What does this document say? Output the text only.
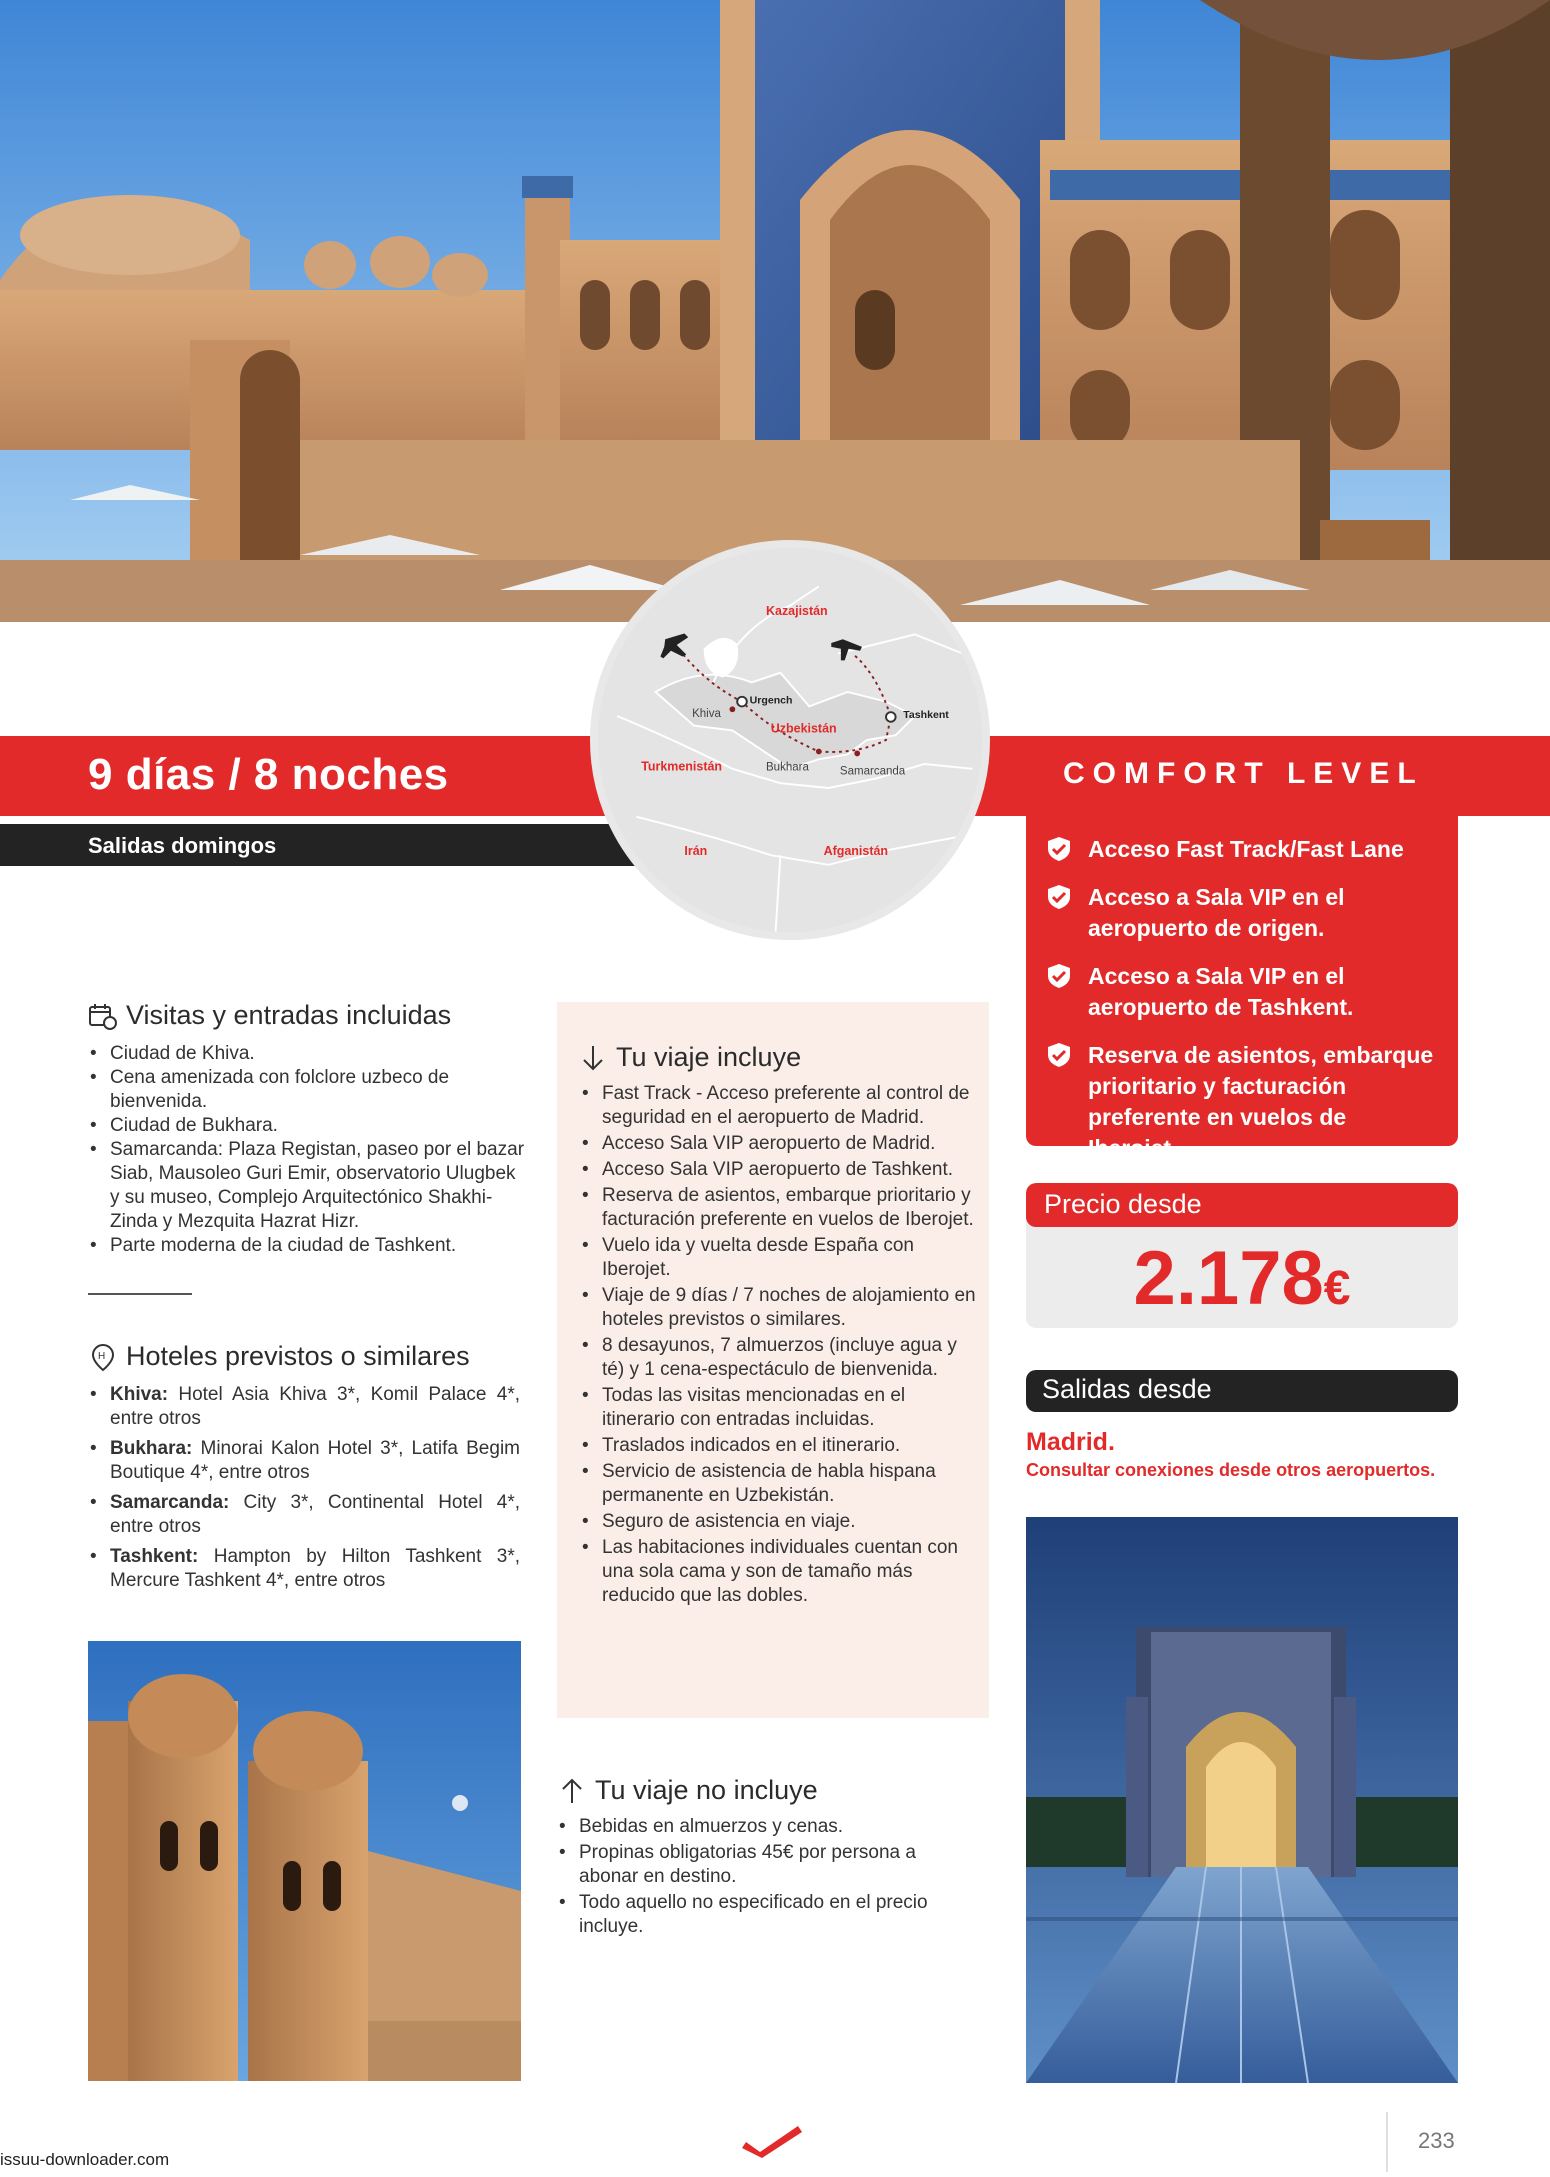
9 días / 8 noches
Salidas domingos
COMFORT LEVEL
Kazajistán
Urgench
Khiva
Uzbekistán
Tashkent
Turkmenistán	Bukhara	Samarcanda
Irán	Afganistán	Acceso Fast Track/Fast Lane
Acceso a Sala VIP en el aeropuerto de origen.
Acceso a Sala VIP en el aeropuerto de Tashkent.
Reserva de asientos, embarque prioritario y facturación preferente en vuelos de Iberojet.
Precio desde
2.178€
Salidas desde
Madrid.
Consultar conexiones desde otros aeropuertos.
Visitas y entradas incluidas
• Ciudad de Khiva.
• Cena amenizada con folclore uzbeco de bienvenida.
• Ciudad de Bukhara.
• Samarcanda: Plaza Registan, paseo por el bazar Siab, Mausoleo Guri Emir, observatorio Ulugbek y su museo, Complejo Arquitectónico Shakhi-Zinda y Mezquita Hazrat Hizr.
• Parte moderna de la ciudad de Tashkent.
H Hoteles previstos o similares
• Khiva: Hotel Asia Khiva 3*, Komil Palace 4*, entre otros
• Bukhara: Minorai Kalon Hotel 3*, Latifa Begim Boutique 4*, entre otros
• Samarcanda: City 3*, Continental Hotel 4*, entre otros
• Tashkent: Hampton by Hilton Tashkent 3*, Mercure Tashkent 4*, entre otros
Tu viaje incluye
• Fast Track - Acceso preferente al control de seguridad en el aeropuerto de Madrid.
• Acceso Sala VIP aeropuerto de Madrid.
• Acceso Sala VIP aeropuerto de Tashkent.
• Reserva de asientos, embarque prioritario y facturación preferente en vuelos de Iberojet.
• Vuelo ida y vuelta desde España con Iberojet.
• Viaje de 9 días / 7 noches de alojamiento en hoteles previstos o similares.
• 8 desayunos, 7 almuerzos (incluye agua y té) y 1 cena-espectáculo de bienvenida.
• Todas las visitas mencionadas en el itinerario con entradas incluidas.
• Traslados indicados en el itinerario.
• Servicio de asistencia de habla hispana permanente en Uzbekistán.
• Seguro de asistencia en viaje.
• Las habitaciones individuales cuentan con una sola cama y son de tamaño más reducido que las dobles.
Tu viaje no incluye
• Bebidas en almuerzos y cenas.
• Propinas obligatorias 45€ por persona a abonar en destino.
• Todo aquello no especificado en el precio incluye.
233
issuu-downloader.com
